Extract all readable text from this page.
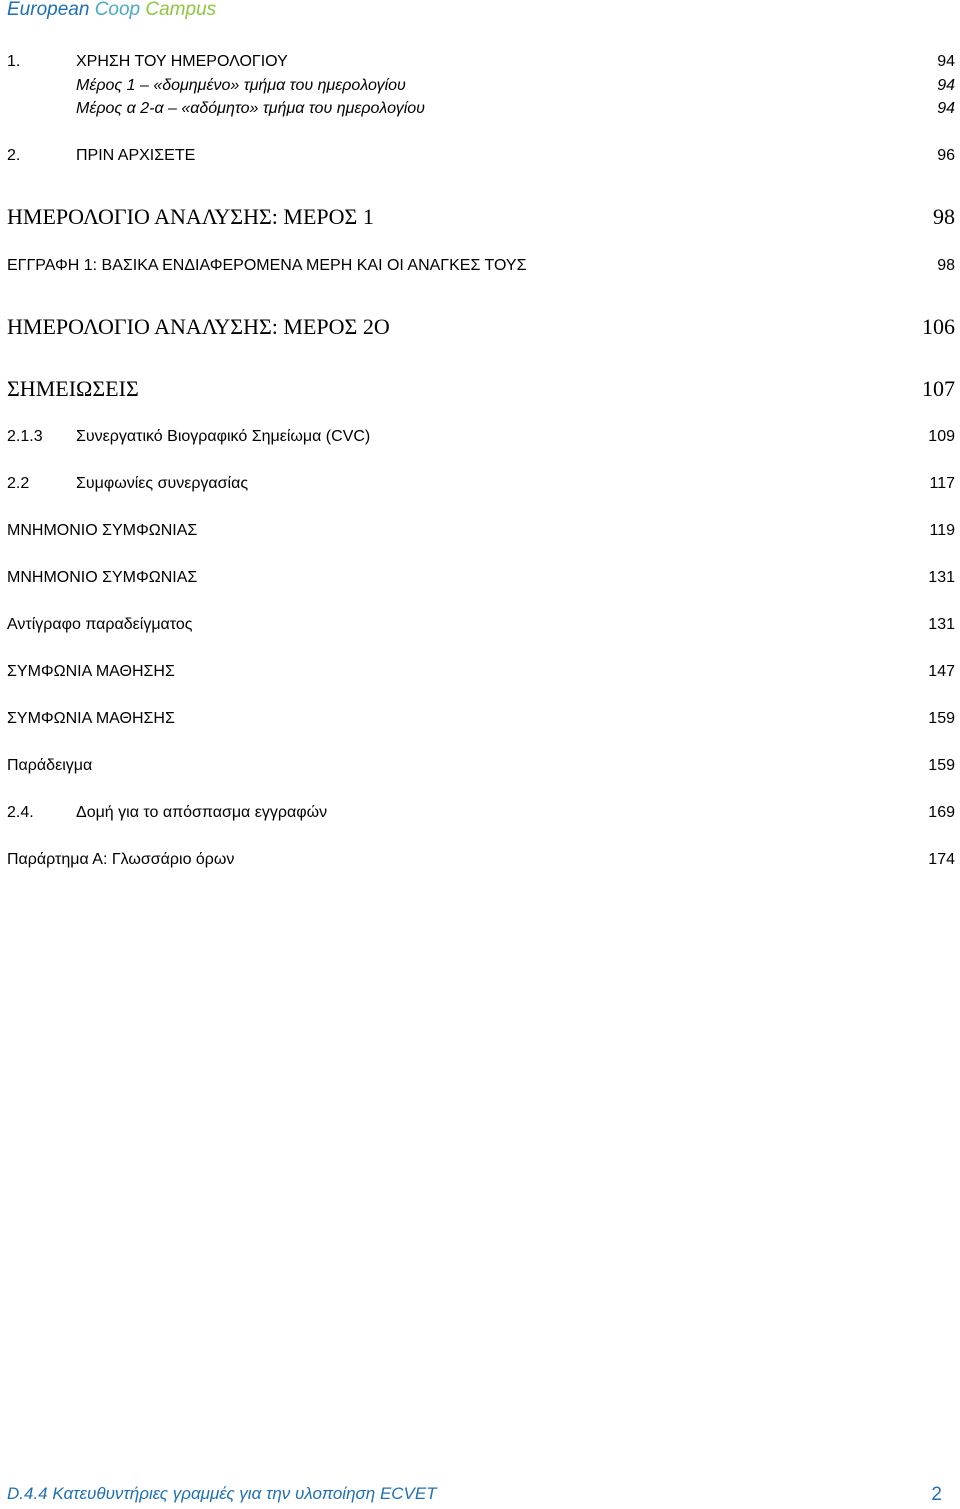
European Coop Campus
1.	ΧΡΗΣΗ ΤΟΥ ΗΜΕΡΟΛΟΓΙΟΥ	94
Μέρος 1 – «δομημένο» τμήμα του ημερολογίου	94
Μέρος α 2-α – «αδόμητο» τμήμα του ημερολογίου	94
2.	ΠΡΙΝ ΑΡΧΙΣΕΤΕ	96
ΗΜΕΡΟΛΟΓΙΟ ΑΝΑΛΥΣΗΣ: ΜΕΡΟΣ 1	98
ΕΓΓΡΑΦΗ 1: ΒΑΣΙΚΑ ΕΝΔΙΑΦΕΡΟΜΕΝΑ ΜΕΡΗ ΚΑΙ ΟΙ ΑΝΑΓΚΕΣ ΤΟΥΣ	98
ΗΜΕΡΟΛΟΓΙΟ ΑΝΑΛΥΣΗΣ: ΜΕΡΟΣ 2Ο	106
ΣΗΜΕΙΩΣΕΙΣ	107
2.1.3	Συνεργατικό Βιογραφικό Σημείωμα (CVC)	109
2.2	Συμφωνίες συνεργασίας	117
ΜΝΗΜΟΝΙΟ ΣΥΜΦΩΝΙΑΣ	119
ΜΝΗΜΟΝΙΟ ΣΥΜΦΩΝΙΑΣ	131
Αντίγραφο παραδείγματος	131
ΣΥΜΦΩΝΙΑ ΜΑΘΗΣΗΣ	147
ΣΥΜΦΩΝΙΑ ΜΑΘΗΣΗΣ	159
Παράδειγμα	159
2.4.	Δομή για το απόσπασμα εγγραφών	169
Παράρτημα Α: Γλωσσάριο όρων	174
D.4.4 Κατευθυντήριες γραμμές για την υλοποίηση ECVET	2
